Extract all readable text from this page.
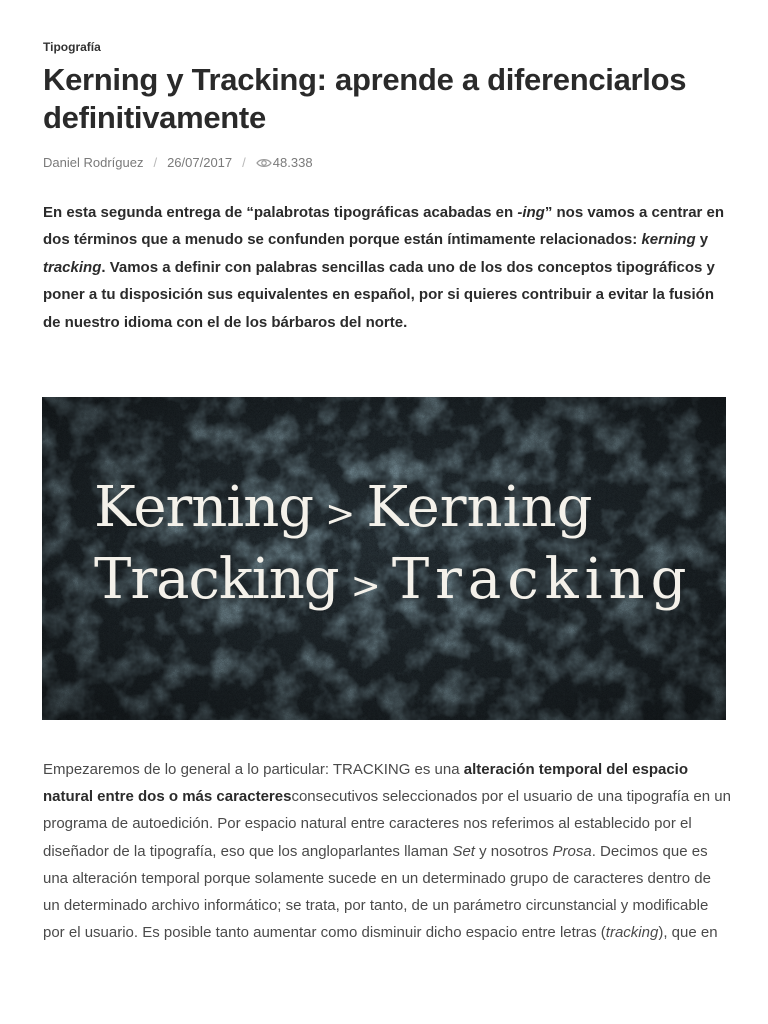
Tipografía
Kerning y Tracking: aprende a diferenciarlos definitivamente
Daniel Rodríguez / 26/07/2017 / 48.338

En esta segunda entrega de “palabrotas tipográficas acabadas en -ing” nos vamos a centrar en dos términos que a menudo se confunden porque están íntimamente relacionados: kerning y tracking. Vamos a definir con palabras sencillas cada uno de los dos conceptos tipográficos y poner a tu disposición sus equivalentes en español, por si quieres contribuir a evitar la fusión de nuestro idioma con el de los bárbaros del norte.

Kerning > Kerning
Tracking > Tracking

Empezaremos de lo general a lo particular: TRACKING es una alteración temporal del espacio natural entre dos o más caracteresconsecutivos seleccionados por el usuario de una tipografía en un programa de autoedición. Por espacio natural entre caracteres nos referimos al establecido por el diseñador de la tipografía, eso que los angloparlantes llaman Set y nosotros Prosa. Decimos que es una alteración temporal porque solamente sucede en un determinado grupo de caracteres dentro de un determinado archivo informático; se trata, por tanto, de un parámetro circunstancial y modificable por el usuario. Es posible tanto aumentar como disminuir dicho espacio entre letras (tracking), que en
